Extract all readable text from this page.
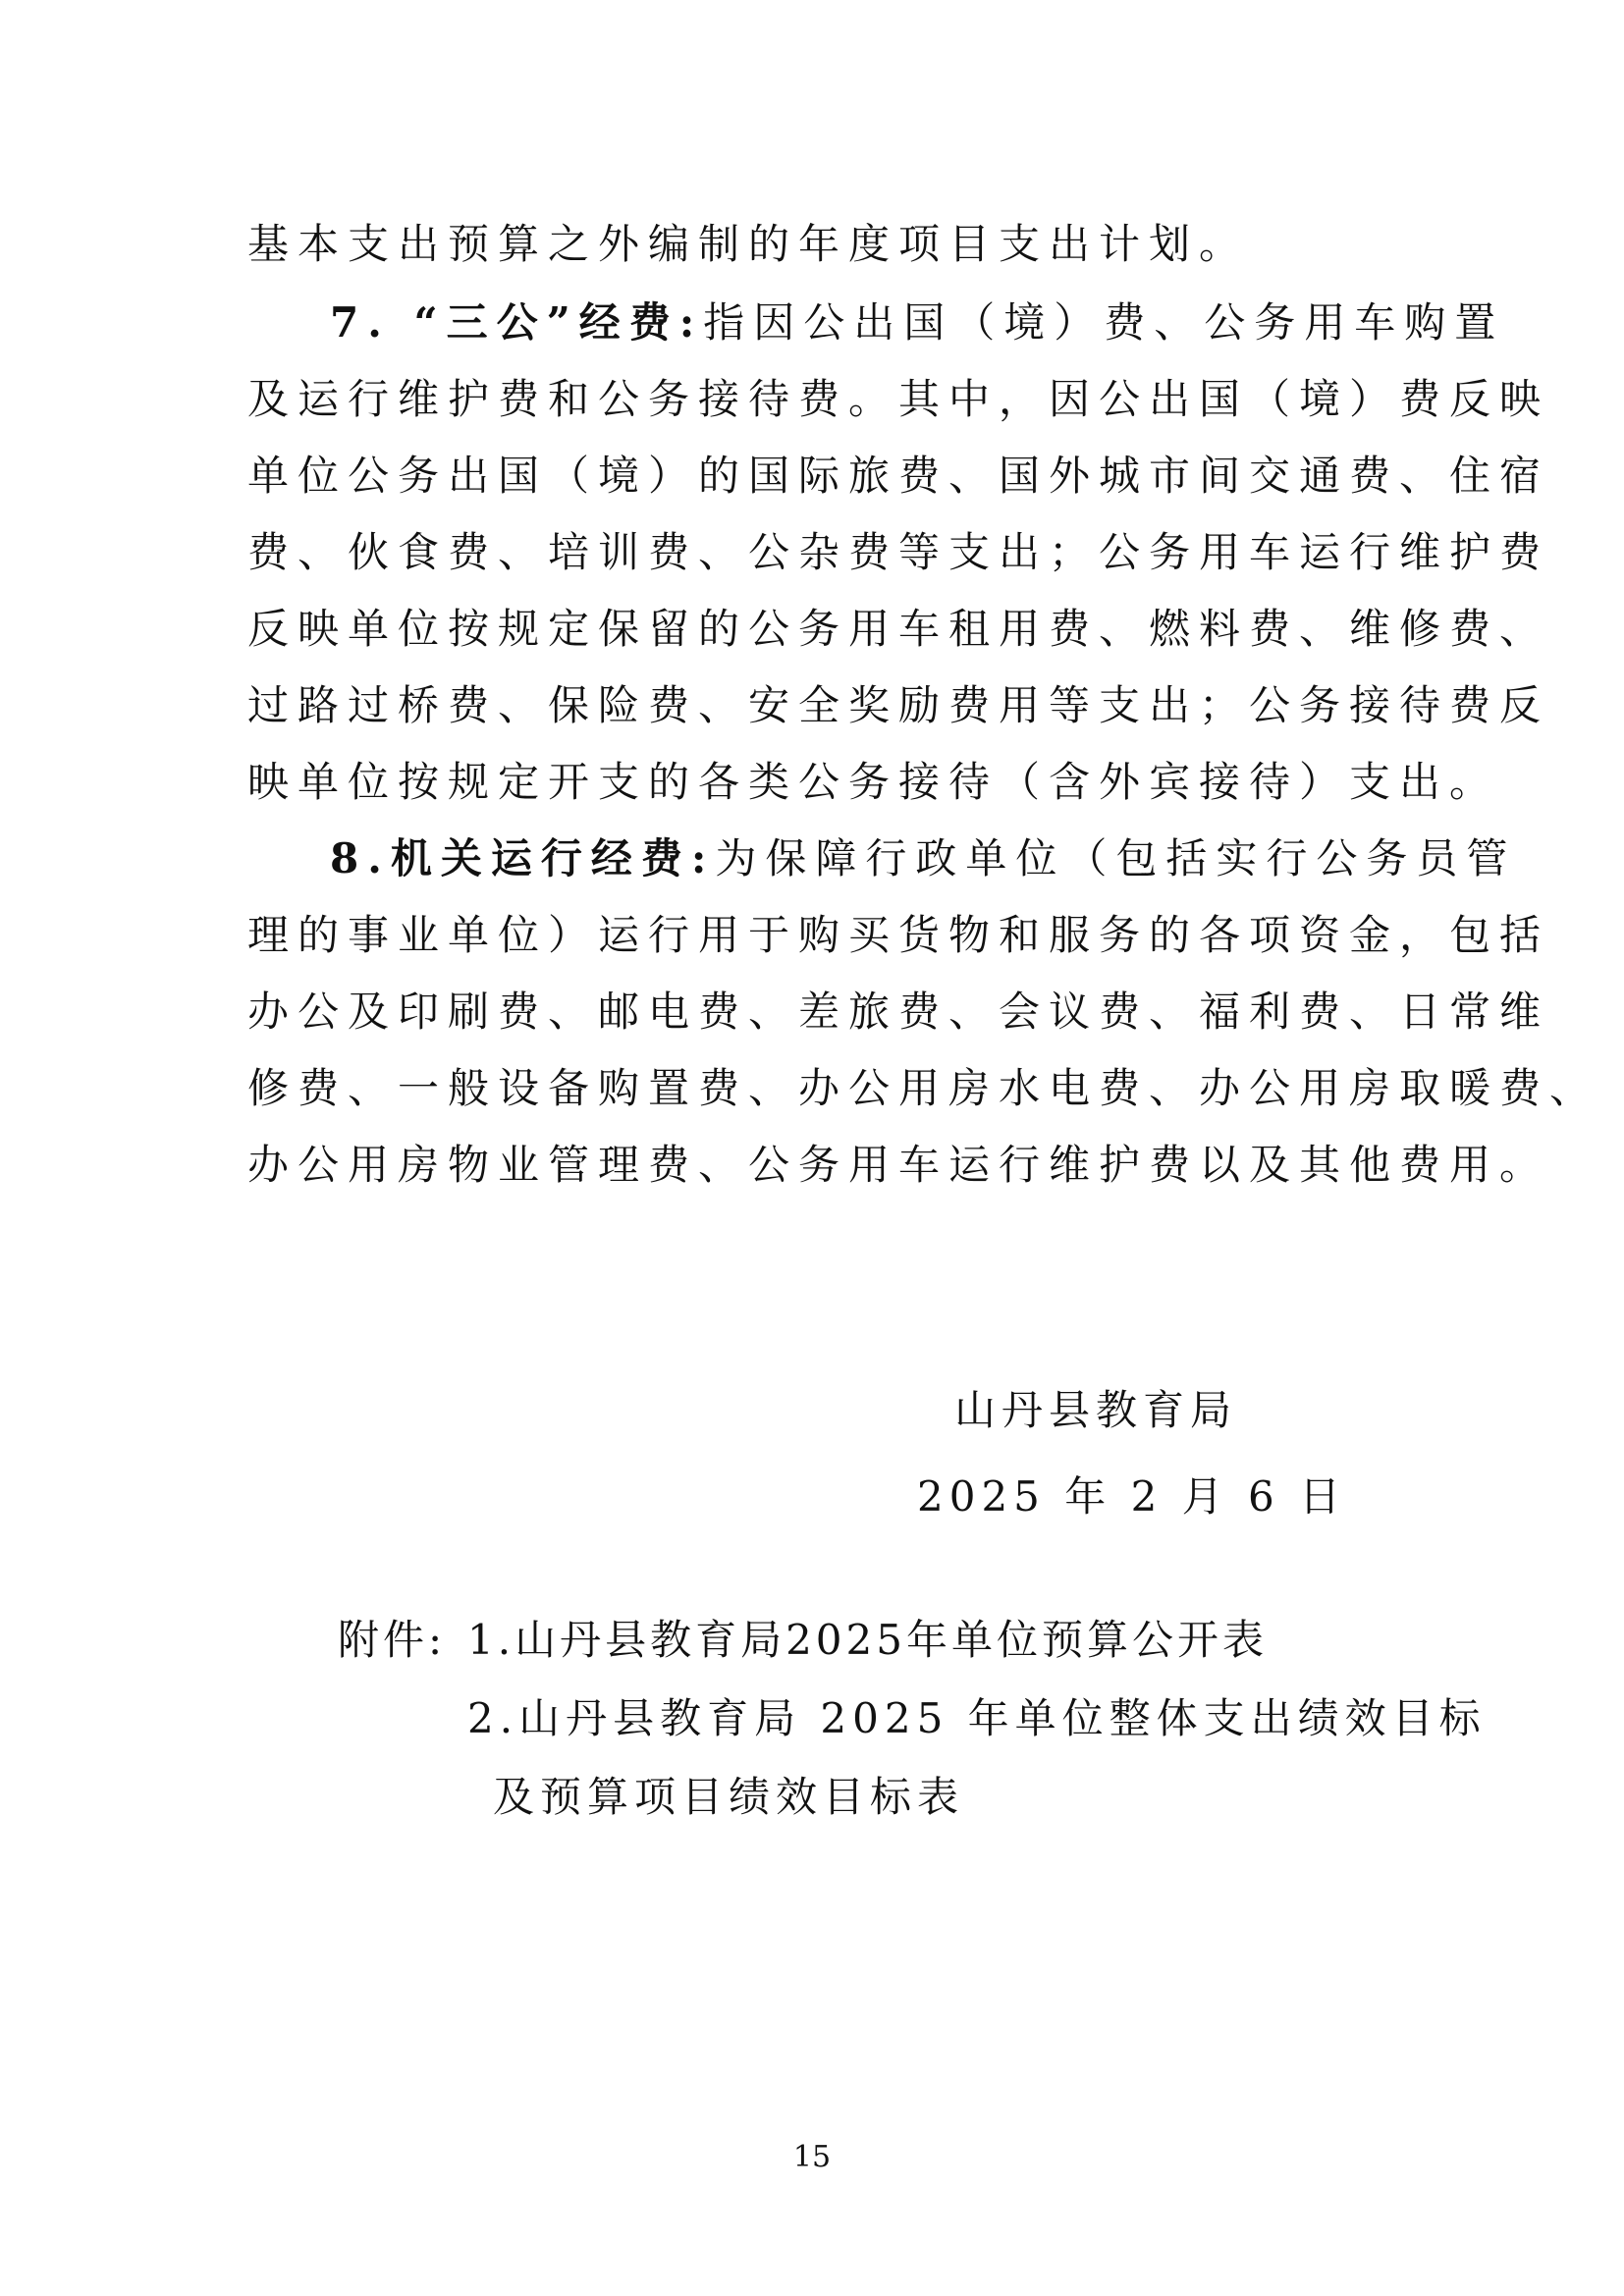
基本支出预算之外编制的年度项目支出计划。
7. “三公”经费:指因公出国（境）费、公务用车购置
及运行维护费和公务接待费。其中，因公出国（境）费反映
单位公务出国（境）的国际旅费、国外城市间交通费、住宿
费、伙食费、培训费、公杂费等支出；公务用车运行维护费
反映单位按规定保留的公务用车租用费、燃料费、维修费、
过路过桥费、保险费、安全奖励费用等支出；公务接待费反
映单位按规定开支的各类公务接待（含外宾接待）支出。
8.机关运行经费:为保障行政单位（包括实行公务员管
理的事业单位）运行用于购买货物和服务的各项资金，包括
办公及印刷费、邮电费、差旅费、会议费、福利费、日常维
修费、一般设备购置费、办公用房水电费、办公用房取暖费、
办公用房物业管理费、公务用车运行维护费以及其他费用。
山丹县教育局
2025 年 2 月 6 日
附件: 1.山丹县教育局2025年单位预算公开表
2.山丹县教育局 2025 年单位整体支出绩效目标
及预算项目绩效目标表
15
